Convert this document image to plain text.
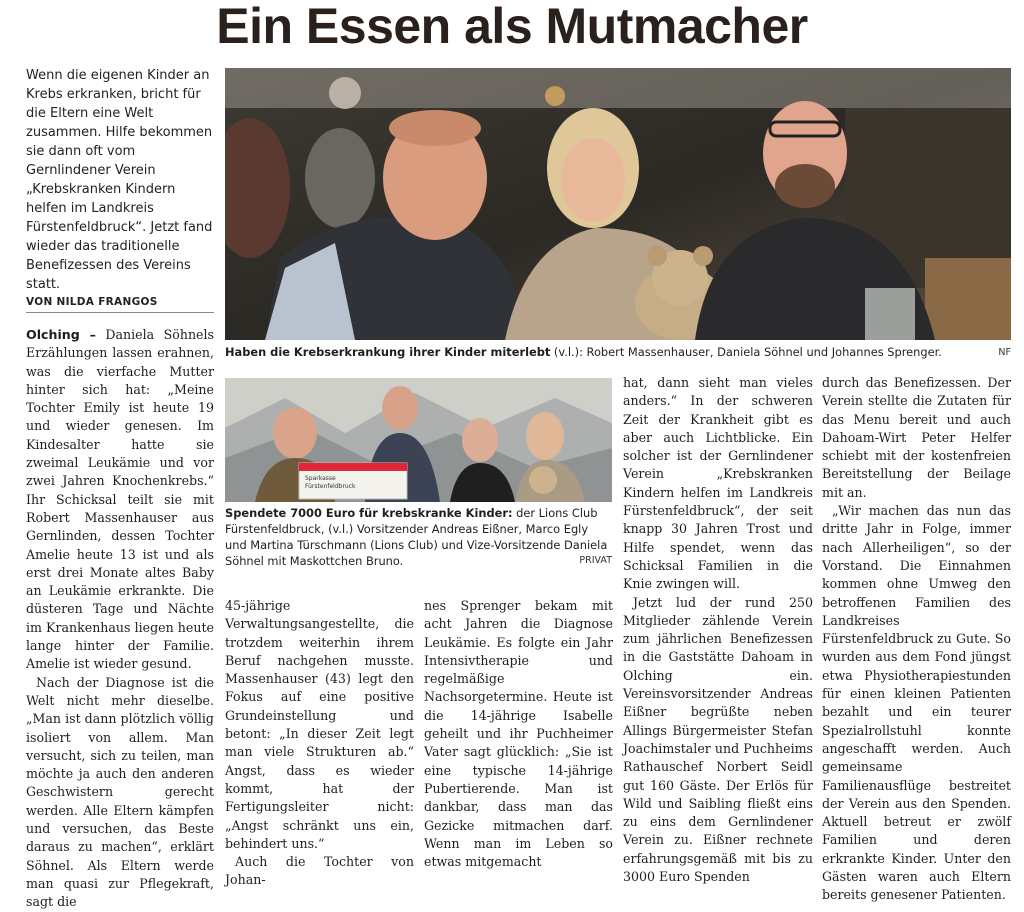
Ein Essen als Mutmacher
Wenn die eigenen Kinder an Krebs erkranken, bricht für die Eltern eine Welt zusammen. Hilfe bekommen sie dann oft vom Gernlindener Verein „Krebskranken Kindern helfen im Landkreis Fürstenfeldbruck“. Jetzt fand wieder das traditionelle Benefizessen des Vereins statt.
VON NILDA FRANGOS
Haben die Krebserkrankung ihrer Kinder miterlebt (v.l.): Robert Massenhauser, Daniela Söhnel und Johannes Sprenger.	NF
Sparkasse
Fürstenfeldbruck
Spendete 7000 Euro für krebskranke Kinder: der Lions Club Fürstenfeldbruck, (v.l.) Vorsitzender Andreas Eißner, Marco Egly und Martina Türschmann (Lions Club) und Vize-Vorsitzende Daniela Söhnel mit Maskottchen Bruno.	PRIVAT

Olching – Daniela Söhnels Erzählungen lassen erahnen, was die vierfache Mutter hinter sich hat: „Meine Tochter Emily ist heute 19 und wieder genesen. Im Kindesalter hatte sie zweimal Leukämie und vor zwei Jahren Knochenkrebs.“ Ihr Schicksal teilt sie mit Robert Massenhauser aus Gernlinden, dessen Tochter Amelie heute 13 ist und als erst drei Monate altes Baby an Leukämie erkrankte. Die düsteren Tage und Nächte im Krankenhaus liegen heute lange hinter der Familie. Amelie ist wieder gesund.

Nach der Diagnose ist die Welt nicht mehr dieselbe. „Man ist dann plötzlich völlig isoliert von allem. Man versucht, sich zu teilen, man möchte ja auch den anderen Geschwistern gerecht werden. Alle Eltern kämpfen und versuchen, das Beste daraus zu machen“, erklärt Söhnel. Als Eltern werde man quasi zur Pflegekraft, sagt die

45-jährige Verwaltungsangestellte, die trotzdem weiterhin ihrem Beruf nachgehen musste. Massenhauser (43) legt den Fokus auf eine positive Grundeinstellung und betont: „In dieser Zeit legt man viele Strukturen ab.“ Angst, dass es wieder kommt, hat der Fertigungsleiter nicht: „Angst schränkt uns ein, behindert uns.“

Auch die Tochter von Johan-

nes Sprenger bekam mit acht Jahren die Diagnose Leukämie. Es folgte ein Jahr Intensivtherapie und regelmäßige Nachsorgetermine. Heute ist die 14-jährige Isabelle geheilt und ihr Puchheimer Vater sagt glücklich: „Sie ist eine typische 14-jährige Pubertierende. Man ist dankbar, dass man das Gezicke mitmachen darf. Wenn man im Leben so etwas mitgemacht

hat, dann sieht man vieles anders.“ In der schweren Zeit der Krankheit gibt es aber auch Lichtblicke. Ein solcher ist der Gernlindener Verein „Krebskranken Kindern helfen im Landkreis Fürstenfeldbruck“, der seit knapp 30 Jahren Trost und Hilfe spendet, wenn das Schicksal Familien in die Knie zwingen will.

Jetzt lud der rund 250 Mitglieder zählende Verein zum jährlichen Benefizessen in die Gaststätte Dahoam in Olching ein. Vereinsvorsitzender Andreas Eißner begrüßte neben Allings Bürgermeister Stefan Joachimstaler und Puchheims Rathauschef Norbert Seidl gut 160 Gäste. Der Erlös für Wild und Saibling fließt eins zu eins dem Gernlindener Verein zu. Eißner rechnete erfahrungsgemäß mit bis zu 3000 Euro Spenden

durch das Benefizessen. Der Verein stellte die Zutaten für das Menu bereit und auch Dahoam-Wirt Peter Helfer schiebt mit der kostenfreien Bereitstellung der Beilage mit an.

„Wir machen das nun das dritte Jahr in Folge, immer nach Allerheiligen“, so der Vorstand. Die Einnahmen kommen ohne Umweg den betroffenen Familien des Landkreises Fürstenfeldbruck zu Gute. So wurden aus dem Fond jüngst etwa Physiotherapiestunden für einen kleinen Patienten bezahlt und ein teurer Spezialrollstuhl konnte angeschafft werden. Auch gemeinsame Familienausflüge bestreitet der Verein aus den Spenden. Aktuell betreut er zwölf Familien und deren erkrankte Kinder. Unter den Gästen waren auch Eltern bereits genesener Patienten.
